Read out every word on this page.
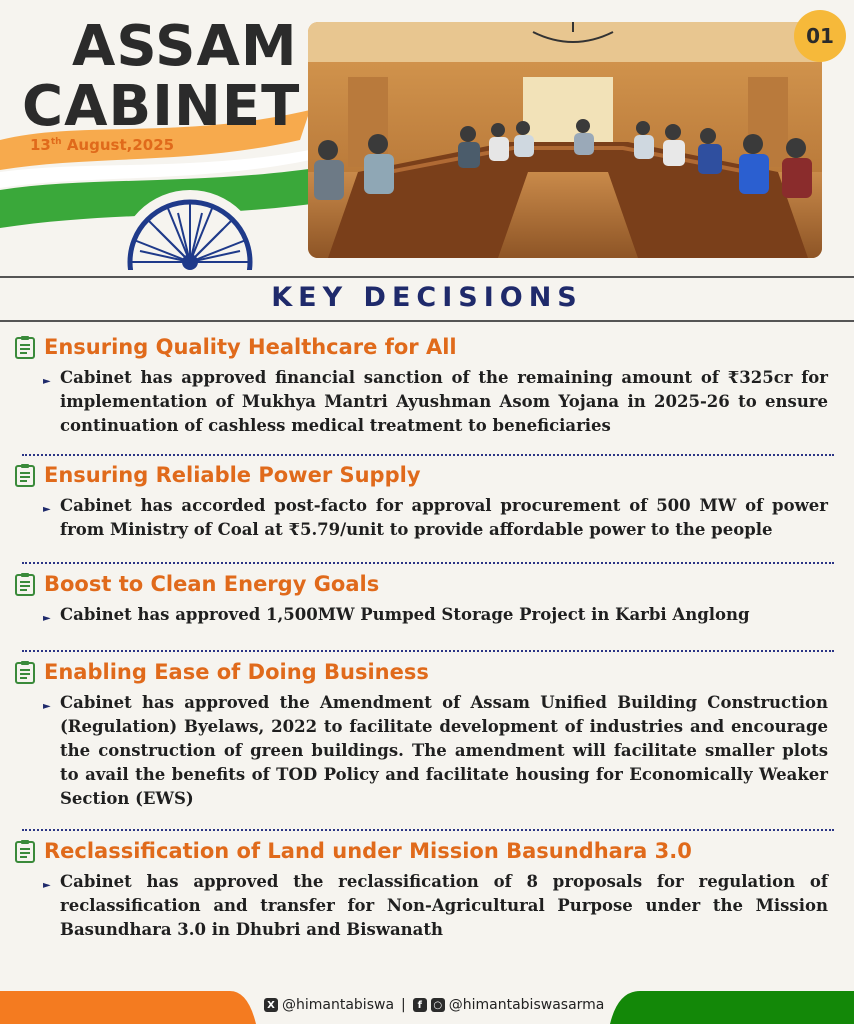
ASSAM
CABINET
13th August,2025
01
KEY DECISIONS
Ensuring Quality Healthcare for All
► Cabinet has approved financial sanction of the remaining amount of ₹325cr for implementation of Mukhya Mantri Ayushman Asom Yojana in 2025-26 to ensure continuation of cashless medical treatment to beneficiaries
Ensuring Reliable Power Supply
► Cabinet has accorded post-facto for approval procurement of 500 MW of power from Ministry of Coal at ₹5.79/unit to provide affordable power to the people
Boost to Clean Energy Goals
► Cabinet has approved 1,500MW Pumped Storage Project in Karbi Anglong
Enabling Ease of Doing Business
► Cabinet has approved the Amendment of Assam Unified Building Construction (Regulation) Byelaws, 2022 to facilitate development of industries and encourage the construction of green buildings. The amendment will facilitate smaller plots to avail the benefits of TOD Policy and facilitate housing for Economically Weaker Section (EWS)
Reclassification of Land under Mission Basundhara 3.0
► Cabinet has approved the reclassification of 8 proposals for regulation of reclassification and transfer for Non-Agricultural Purpose under the Mission Basundhara 3.0 in Dhubri and Biswanath
X @himantabiswa |	f	○ @himantabiswasarma
